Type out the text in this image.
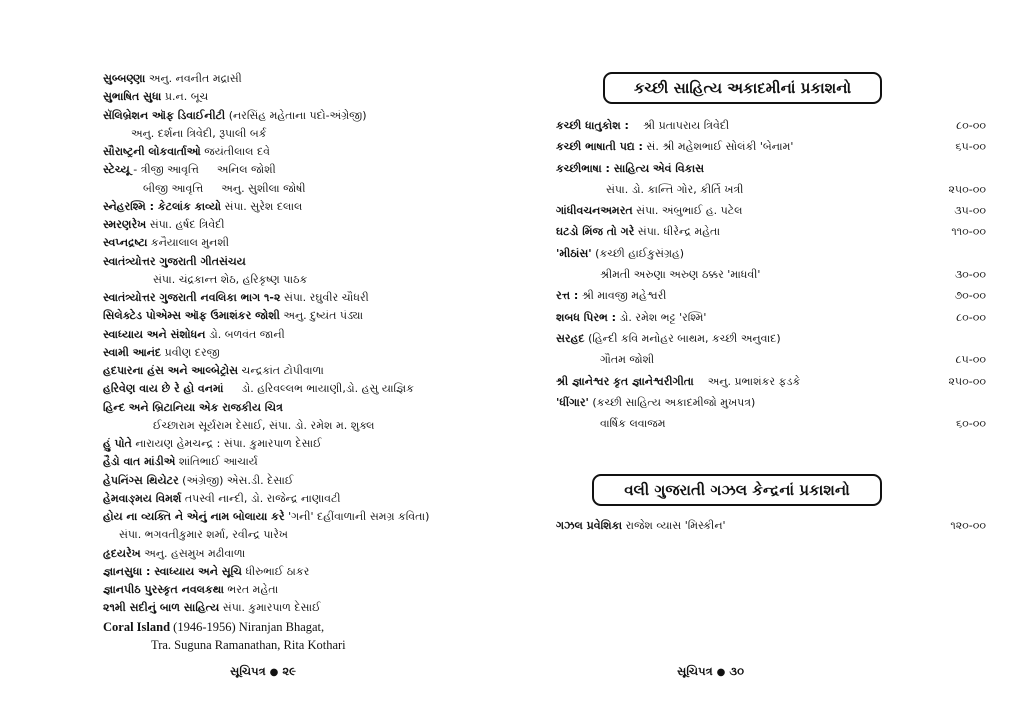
સુબ્બણ્ણા અનુ. નવનીત મદ્રાસી
સુભાષિત સુધા પ્ર.ન. બૂચ
સૅલિબ્રેશન ઑફ ડિવાઈનીટી (નરસિંહ મહેતાના પદો-અંગ્રેજી)
અનુ. દર્શના ત્રિવેદી, રૂપાલી બર્ક
સૌરાષ્ટ્રની લોકવાર્તાઓ જયંતીલાલ દવે
સ્ટેચ્યૂ - ત્રીજી આવૃત્તિ અનિલ જોશી
બીજી આવૃત્તિ અનુ. સુશીલા જોષી
સ્નેહરશ્મિ : કેટલાંક કાવ્યો સંપા. સુરેશ દલાલ
સ્મરણરેખ સંપા. હર્ષદ ત્રિવેદી
સ્વપ્નદ્રષ્ટા કનૈયાલાલ મુનશી
સ્વાતંત્ર્યોત્તર ગુજરાતી ગીતસંચય
સંપા. ચંદ્રકાન્ત શેઠ, હરિકૃષ્ણ પાઠક
સ્વાતંત્ર્યોત્તર ગુજરાતી નવલિકા ભાગ ૧-૨ સંપા. રઘુવીર ચૌધરી
સિલેક્ટેડ પોએમ્સ ઑફ ઉમાશંકર જોશી અનુ. દુષ્યંત પંડ્યા
સ્વાધ્યાય અને સંશોધન ડો. બળવંત જાની
સ્વામી આનંદ પ્રવીણ દરજી
હદપારના હંસ અને આલ્બેટ્રોસ ચન્દ્રકાંત ટોપીવાળા
હરિવેણ વાય છે રે હો વનમાં ડો. હરિવલ્લભ ભાયાણી,ડો. હસુ યાજ્ઞિક
હિન્દ અને બ્રિટાનિયા એક રાજકીય ચિત્ર
ઈચ્છારામ સૂર્યરામ દેસાઈ, સંપા. ડો. રમેશ મ. શુક્લ
હું પોતે નારાયણ હેમચન્દ્ર : સંપા. કુમારપાળ દેસાઈ
હૈડો વાત માંડીએ શાંતિભાઈ આચાર્ય
હેપનિંગ્સ થિયેટર (અંગ્રેજી) એસ.ડી. દેસાઈ
હેમવાઙ્મય વિમર્શ તપસ્વી નાન્દી, ડો. રાજેન્દ્ર નાણાવટી
હોય ના વ્યક્તિ ને એનું નામ બોલાયા કરે 'ગની' દહીંવાળાની સમગ્ર કવિતા)
સંપા. ભગવતીકુમાર શર્મા, રવીન્દ્ર પારેખ
હૃદયરેખ અનુ. હસમુખ મઢીવાળા
જ્ઞાનસુધા : સ્વાધ્યાય અને સૂચિ ધીરુભાઈ ઠાકર
જ્ઞાનપીઠ પુરસ્કૃત નવલકથા ભરત મહેતા
૨૧મી સદીનું બાળ સાહિત્ય સંપા. કુમારપાળ દેસાઈ
Coral Island (1946-1956) Niranjan Bhagat,
Tra. Suguna Ramanathan, Rita Kothari
સૂચિપત્ર ● ૨૯
કચ્છી સાહિત્ય અકાદમીનાં પ્રકાશનો
કચ્છી ધાતુકોશ : શ્રી પ્રતાપરાય ત્રિવેદી	૮૦-૦૦
કચ્છી ભાષાતી પદ્ય : સં. શ્રી મહેશભાઈ સોલંકી 'બેનામ'	૬૫-૦૦
કચ્છીભાષા : સાહિત્ય એવં વિકાસ
સંપા. ડો. કાન્તિ ગોર, કીર્તિ ખત્રી	૨૫૦-૦૦
ગાંધીવચનઅમરત સંપા. અંબુભાઈ હ. પટેલ	૩૫-૦૦
ઘટડો મિંજ તો ગરે સંપા. ધીરેન્દ્ર મહેતા	૧૧૦-૦૦
'મીઠાંસ' (કચ્છી હાઈકુસંગ્રહ)
શ્રીમતી અરુણા અરુણ ઠક્કર 'માધવી'	૩૦-૦૦
રત્ત : શ્રી માવજી મહેશ્વરી	૭૦-૦૦
શબધ પિરભ : ડો. રમેશ ભટ્ટ 'રશ્મિ'	૮૦-૦૦
સરહદ (હિન્દી કવિ મનોહર બાથમ, કચ્છી અનુવાદ)
ગૌતમ જોશી	૮૫-૦૦
શ્રી જ્ઞાનેશ્વર કૃત જ્ઞાનેશ્વરીગીતા અનુ. પ્રભાશંકર ફડકે	૨૫૦-૦૦
'ધીંગાર' (કચ્છી સાહિત્ય અકાદમીજો મુખપત્ર)
વાર્ષિક લવાજમ	૬૦-૦૦
વલી ગુજરાતી ગઝલ કેન્દ્રનાં પ્રકાશનો
ગઝલ પ્રવેશિકા રાજેશ વ્યાસ 'મિસ્કીન'	૧૨૦-૦૦
સૂચિપત્ર ● ૩૦
